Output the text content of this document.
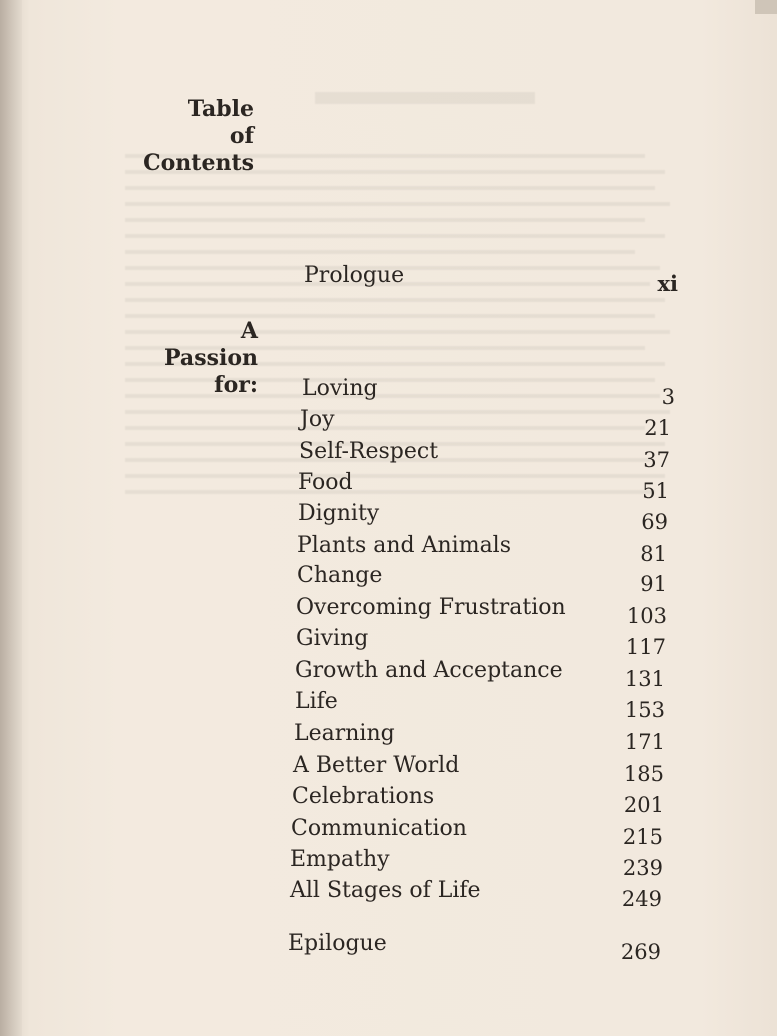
Table
of
Contents
Prologue	xi
A
Passion
for: Loving	3
Joy	21
Self-Respect	37
Food	51
Dignity	69
Plants and Animals	81
Change	91
Overcoming Frustration	103
Giving	117
Growth and Acceptance	131
Life	153
Learning	171
A Better World	185
Celebrations	201
Communication	215
Empathy	239
All Stages of Life	249
Epilogue	269
